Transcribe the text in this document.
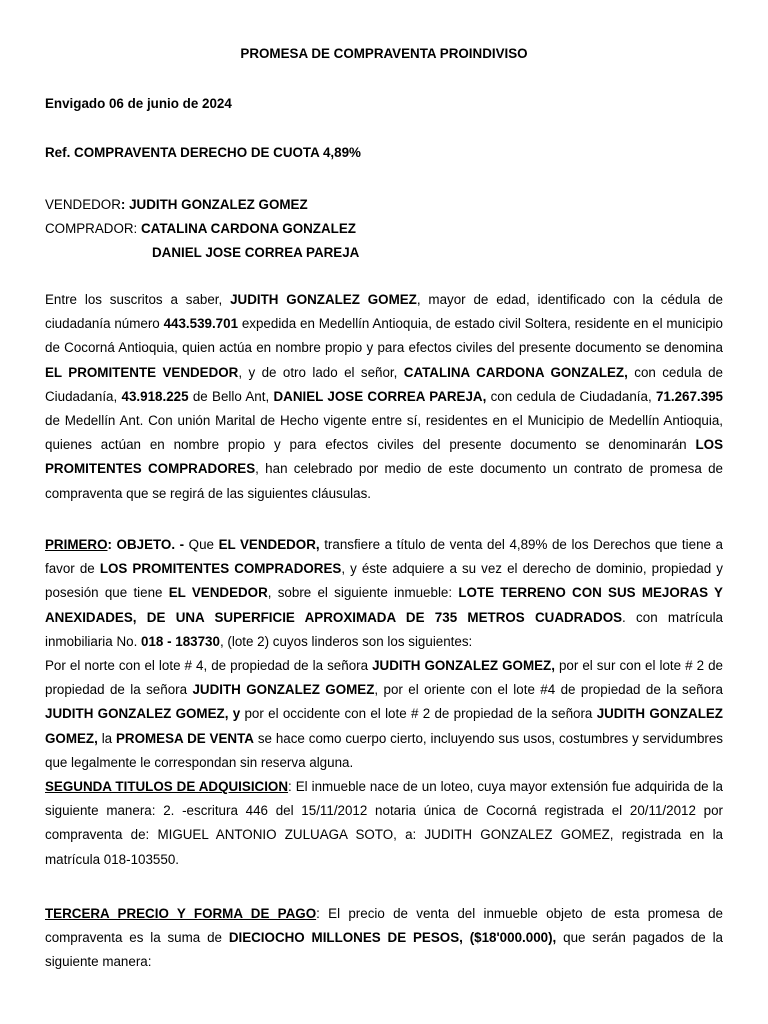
PROMESA DE COMPRAVENTA PROINDIVISO
Envigado 06 de junio de 2024
Ref. COMPRAVENTA DERECHO DE CUOTA 4,89%
VENDEDOR: JUDITH GONZALEZ GOMEZ
COMPRADOR: CATALINA CARDONA GONZALEZ
DANIEL JOSE CORREA PAREJA

Entre los suscritos a saber, JUDITH GONZALEZ GOMEZ, mayor de edad, identificado con la cédula de ciudadanía número 443.539.701 expedida en Medellín Antioquia, de estado civil Soltera, residente en el municipio de Cocorná Antioquia, quien actúa en nombre propio y para efectos civiles del presente documento se denomina EL PROMITENTE VENDEDOR, y de otro lado el señor, CATALINA CARDONA GONZALEZ, con cedula de Ciudadanía, 43.918.225 de Bello Ant, DANIEL JOSE CORREA PAREJA, con cedula de Ciudadanía, 71.267.395 de Medellín Ant. Con unión Marital de Hecho vigente entre sí, residentes en el Municipio de Medellín Antioquia, quienes actúan en nombre propio y para efectos civiles del presente documento se denominarán LOS PROMITENTES COMPRADORES, han celebrado por medio de este documento un contrato de promesa de compraventa que se regirá de las siguientes cláusulas.

PRIMERO: OBJETO. - Que EL VENDEDOR, transfiere a título de venta del 4,89% de los Derechos que tiene a favor de LOS PROMITENTES COMPRADORES, y éste adquiere a su vez el derecho de dominio, propiedad y posesión que tiene EL VENDEDOR, sobre el siguiente inmueble: LOTE TERRENO CON SUS MEJORAS Y ANEXIDADES, DE UNA SUPERFICIE APROXIMADA DE 735 METROS CUADRADOS. con matrícula inmobiliaria No. 018 - 183730, (lote 2) cuyos linderos son los siguientes:

Por el norte con el lote # 4, de propiedad de la señora JUDITH GONZALEZ GOMEZ, por el sur con el lote # 2 de propiedad de la señora JUDITH GONZALEZ GOMEZ, por el oriente con el lote #4 de propiedad de la señora JUDITH GONZALEZ GOMEZ, y por el occidente con el lote # 2 de propiedad de la señora JUDITH GONZALEZ GOMEZ, la PROMESA DE VENTA se hace como cuerpo cierto, incluyendo sus usos, costumbres y servidumbres que legalmente le correspondan sin reserva alguna.

SEGUNDA TITULOS DE ADQUISICION: El inmueble nace de un loteo, cuya mayor extensión fue adquirida de la siguiente manera: 2. -escritura 446 del 15/11/2012 notaria única de Cocorná registrada el 20/11/2012 por compraventa de: MIGUEL ANTONIO ZULUAGA SOTO, a: JUDITH GONZALEZ GOMEZ, registrada en la matrícula 018-103550.

TERCERA PRECIO Y FORMA DE PAGO: El precio de venta del inmueble objeto de esta promesa de compraventa es la suma de DIECIOCHO MILLONES DE PESOS, ($18'000.000), que serán pagados de la siguiente manera:
